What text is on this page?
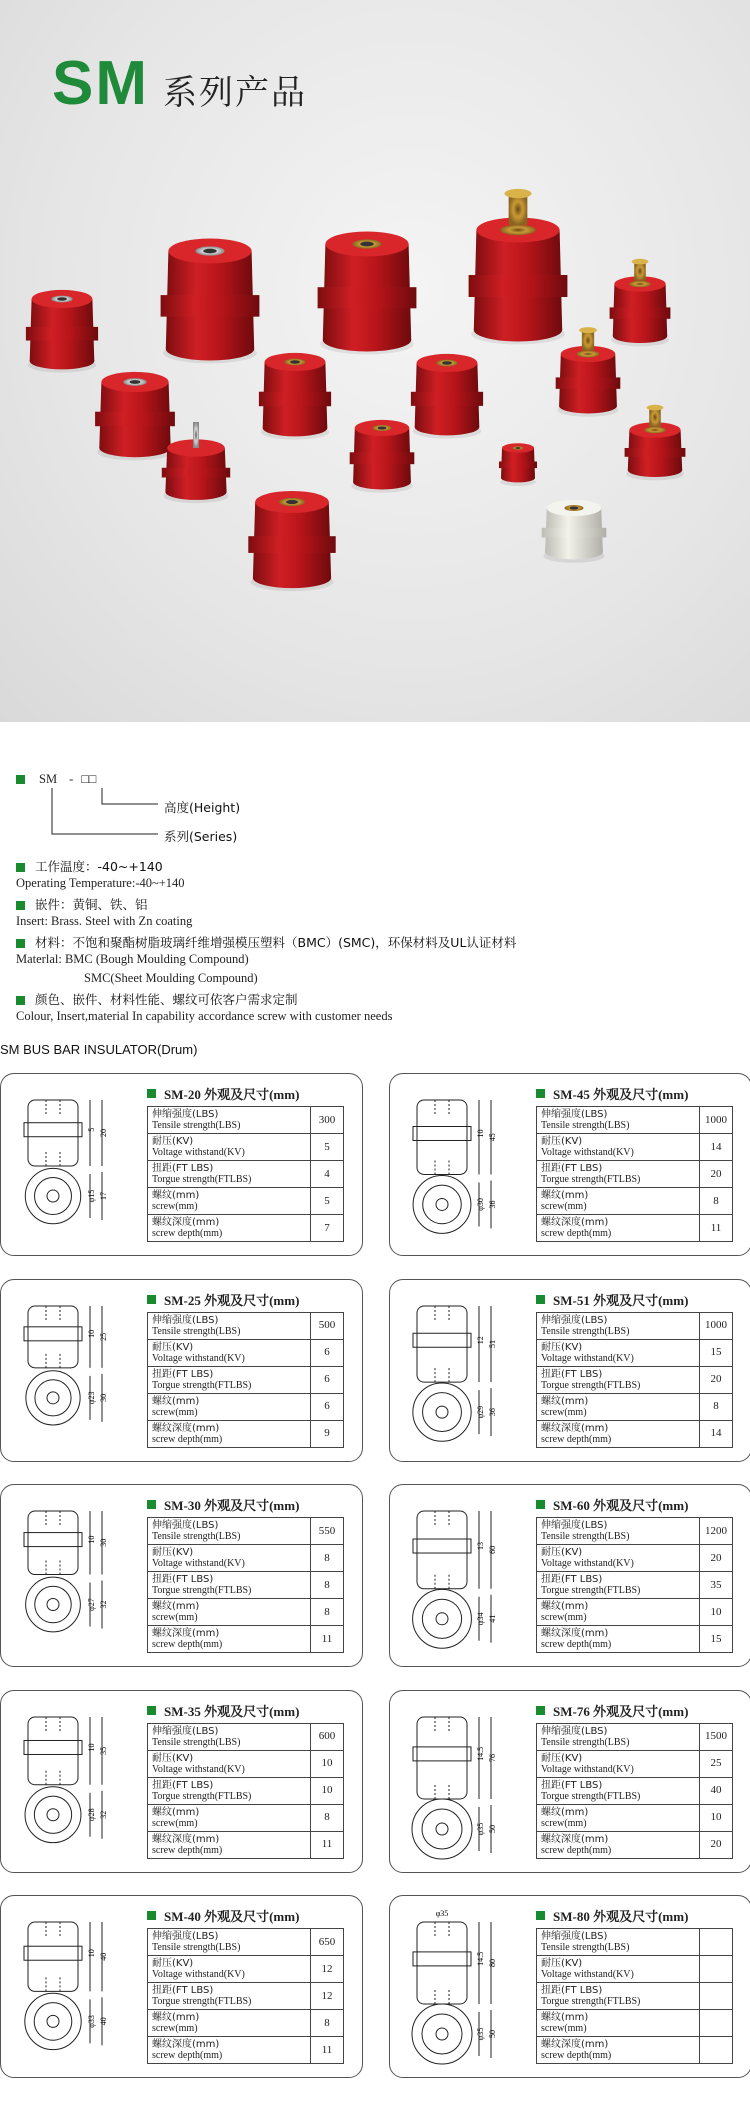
SM 系列产品
SM - □□
高度(Height)
系列(Series)
工作温度：-40~+140
Operating Temperature:-40~+140
嵌件：黄铜、铁、铝
Insert: Brass. Steel with Zn coating
材料：不饱和聚酯树脂玻璃纤维增强模压塑料（BMC）(SMC)，环保材料及UL认证材料
Materlal: BMC (Bough Moulding Compound)
SMC(Sheet Moulding Compound)
颜色、嵌件、材料性能、螺纹可依客户需求定制
Colour, Insert,material In capability accordance screw with customer needs
SM BUS BAR INSULATOR(Drum)
5 20
φ15 17
SM-20 外观及尺寸(mm)
伸缩强度(LBS)
Tensile strength(LBS)	300

耐压(KV)
Voltage withstand(KV)	5

扭距(FT LBS)
Torgue strength(FTLBS)	4

螺纹(mm)
screw(mm)	5

螺纹深度(mm)
screw depth(mm)	7
10 45
φ30 36
SM-45 外观及尺寸(mm)
伸缩强度(LBS)
Tensile strength(LBS)	1000

耐压(KV)
Voltage withstand(KV)	14

扭距(FT LBS)
Torgue strength(FTLBS)	20

螺纹(mm)
screw(mm)	8

螺纹深度(mm)
screw depth(mm)	11
10 25
φ23 30
SM-25 外观及尺寸(mm)
伸缩强度(LBS)
Tensile strength(LBS)	500

耐压(KV)
Voltage withstand(KV)	6

扭距(FT LBS)
Torgue strength(FTLBS)	6

螺纹(mm)
screw(mm)	6

螺纹深度(mm)
screw depth(mm)	9
12 51
φ29 36
SM-51 外观及尺寸(mm)
伸缩强度(LBS)
Tensile strength(LBS)	1000

耐压(KV)
Voltage withstand(KV)	15

扭距(FT LBS)
Torgue strength(FTLBS)	20

螺纹(mm)
screw(mm)	8

螺纹深度(mm)
screw depth(mm)	14
10 30
φ27 32
SM-30 外观及尺寸(mm)
伸缩强度(LBS)
Tensile strength(LBS)	550

耐压(KV)
Voltage withstand(KV)	8

扭距(FT LBS)
Torgue strength(FTLBS)	8

螺纹(mm)
screw(mm)	8

螺纹深度(mm)
screw depth(mm)	11
13 60
φ34 41
SM-60 外观及尺寸(mm)
伸缩强度(LBS)
Tensile strength(LBS)	1200

耐压(KV)
Voltage withstand(KV)	20

扭距(FT LBS)
Torgue strength(FTLBS)	35

螺纹(mm)
screw(mm)	10

螺纹深度(mm)
screw depth(mm)	15
10 35
φ28 32
SM-35 外观及尺寸(mm)
伸缩强度(LBS)
Tensile strength(LBS)	600

耐压(KV)
Voltage withstand(KV)	10

扭距(FT LBS)
Torgue strength(FTLBS)	10

螺纹(mm)
screw(mm)	8

螺纹深度(mm)
screw depth(mm)	11
14.5 76
φ35 50
SM-76 外观及尺寸(mm)
伸缩强度(LBS)
Tensile strength(LBS)	1500

耐压(KV)
Voltage withstand(KV)	25

扭距(FT LBS)
Torgue strength(FTLBS)	40

螺纹(mm)
screw(mm)	10

螺纹深度(mm)
screw depth(mm)	20
10 40
φ33 40
SM-40 外观及尺寸(mm)
伸缩强度(LBS)
Tensile strength(LBS)	650

耐压(KV)
Voltage withstand(KV)	12

扭距(FT LBS)
Torgue strength(FTLBS)	12

螺纹(mm)
screw(mm)	8

螺纹深度(mm)
screw depth(mm)	11
14.5 80
φ35 50
φ35	SM-80 外观及尺寸(mm)
伸缩强度(LBS)
Tensile strength(LBS)	

耐压(KV)
Voltage withstand(KV)	

扭距(FT LBS)
Torgue strength(FTLBS)	

螺纹(mm)
screw(mm)	

螺纹深度(mm)
screw depth(mm)	
